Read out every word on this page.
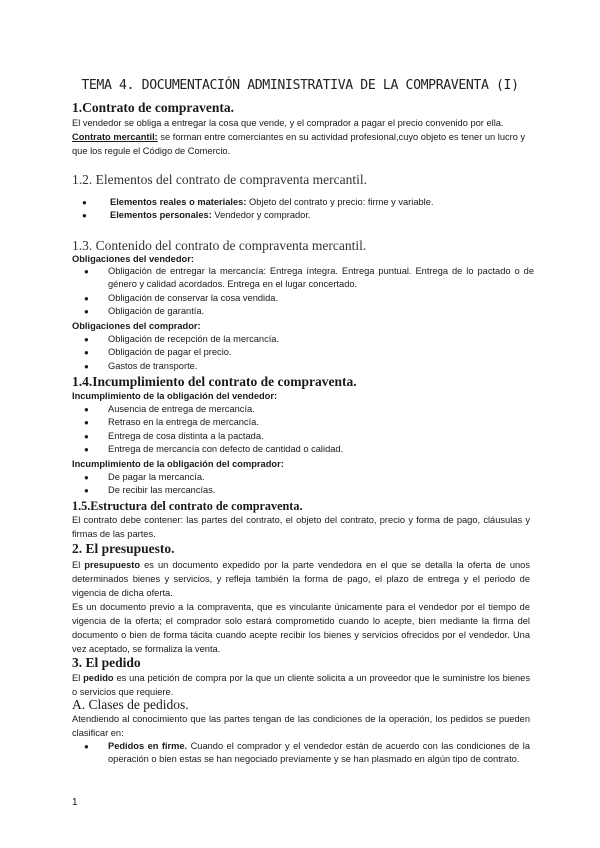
TEMA 4. DOCUMENTACIÓN ADMINISTRATIVA DE LA COMPRAVENTA (I)
1.Contrato de compraventa.
El vendedor se obliga a entregar la cosa que vende, y el comprador a pagar el precio convenido por ella.
Contrato mercantil: se forman entre comerciantes en su actividad profesional,cuyo objeto es tener un lucro y que los regule el Código de Comercio.
1.2. Elementos del contrato de compraventa mercantil.
● Elementos reales o materiales: Objeto del contrato y precio: firme y variable.
● Elementos personales: Vendedor y comprador.
1.3. Contenido del contrato de compraventa mercantil.
Obligaciones del vendedor:
● Obligación de entregar la mercancía: Entrega íntegra. Entrega puntual. Entrega de lo pactado o de género y calidad acordados. Entrega en el lugar concertado.
● Obligación de conservar la cosa vendida.
● Obligación de garantía.
Obligaciones del comprador:
● Obligación de recepción de la mercancía.
● Obligación de pagar el precio.
● Gastos de transporte.
1.4.Incumplimiento del contrato de compraventa.
Incumplimiento de la obligación del vendedor:
● Ausencia de entrega de mercancía.
● Retraso en la entrega de mercancía.
● Entrega de cosa distinta a la pactada.
● Entrega de mercancía con defecto de cantidad o calidad.
Incumplimiento de la obligación del comprador:
● De pagar la mercancía.
● De recibir las mercancías.
1.5.Estructura del contrato de compraventa.
El contrato debe contener: las partes del contrato, el objeto del contrato, precio y forma de pago, cláusulas y firmas de las partes.
2. El presupuesto.
El presupuesto es un documento expedido por la parte vendedora en el que se detalla la oferta de unos determinados bienes y servicios, y refleja también la forma de pago, el plazo de entrega y el periodo de vigencia de dicha oferta.
Es un documento previo a la compraventa, que es vinculante únicamente para el vendedor por el tiempo de vigencia de la oferta; el comprador solo estará comprometido cuando lo acepte, bien mediante la firma del documento o bien de forma tácita cuando acepte recibir los bienes y servicios ofrecidos por el vendedor. Una vez aceptado, se formaliza la venta.
3. El pedido
El pedido es una petición de compra por la que un cliente solicita a un proveedor que le suministre los bienes o servicios que requiere.
A. Clases de pedidos.
Atendiendo al conocimiento que las partes tengan de las condiciones de la operación, los pedidos se pueden clasificar en:
● Pedidos en firme. Cuando el comprador y el vendedor están de acuerdo con las condiciones de la operación o bien estas se han negociado previamente y se han plasmado en algún tipo de contrato.
1
